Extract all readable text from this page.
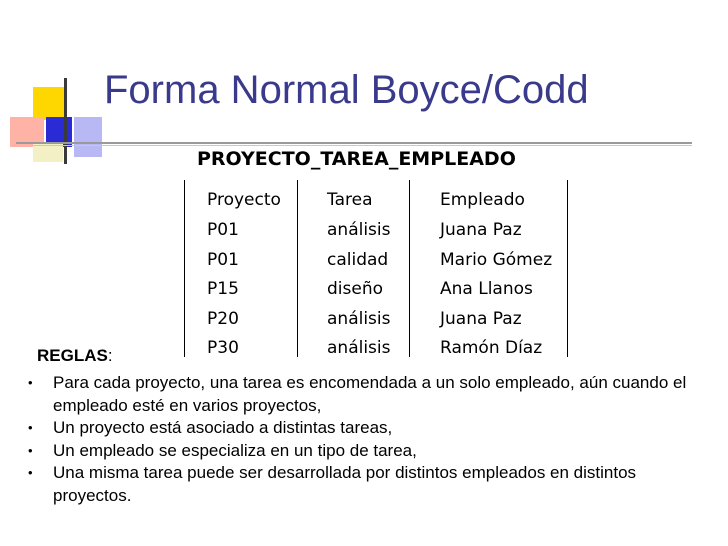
Forma Normal Boyce/Codd
PROYECTO_TAREA_EMPLEADO
Proyecto	Tarea	Empleado
P01	análisis	Juana Paz
P01	calidad	Mario Gómez
P15	diseño	Ana Llanos
P20	análisis	Juana Paz
P30	análisis	Ramón Díaz
REGLAS:
• Para cada proyecto, una tarea es encomendada a un solo empleado, aún cuando el empleado esté en varios proyectos,
• Un proyecto está asociado a distintas tareas,
• Un empleado se especializa en un tipo de tarea,
• Una misma tarea puede ser desarrollada por distintos empleados en distintos proyectos.
